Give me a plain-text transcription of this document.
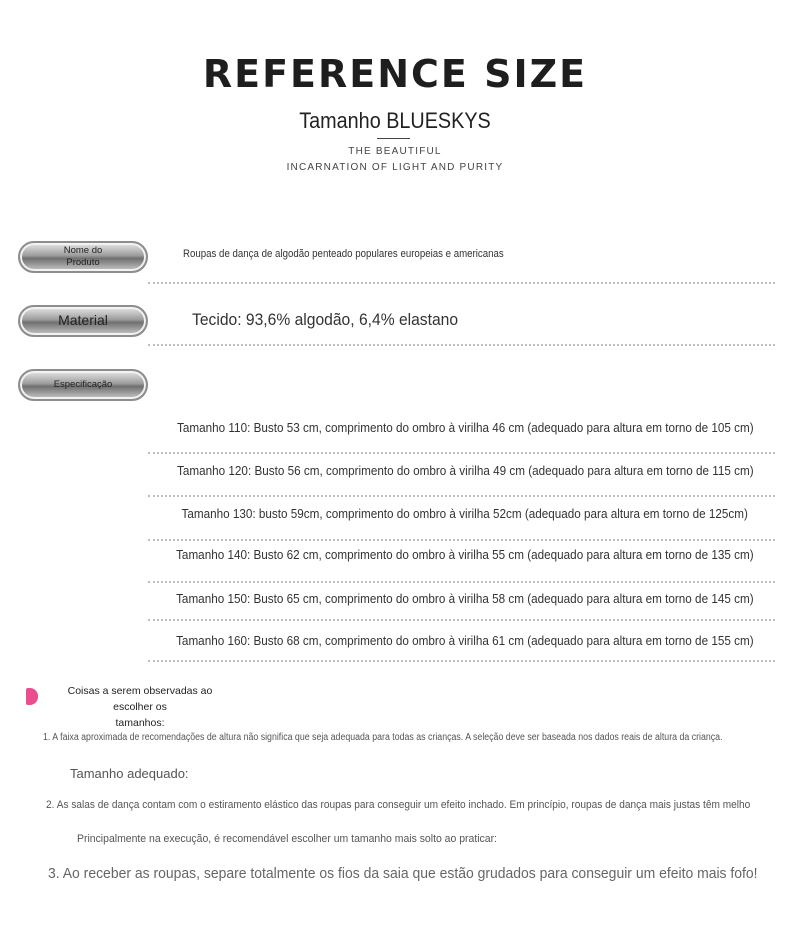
REFERENCE SIZE
Tamanho BLUESKYS
THE BEAUTIFUL
INCARNATION OF LIGHT AND PURITY
Nome do
Produto
Roupas de dança de algodão penteado populares europeias e americanas
Material	Tecido: 93,6% algodão, 6,4% elastano
Especificação
Tamanho 110: Busto 53 cm, comprimento do ombro à virilha 46 cm (adequado para altura em torno de 105 cm)
Tamanho 120: Busto 56 cm, comprimento do ombro à virilha 49 cm (adequado para altura em torno de 115 cm)
Tamanho 130: busto 59cm, comprimento do ombro à virilha 52cm (adequado para altura em torno de 125cm)
Tamanho 140: Busto 62 cm, comprimento do ombro à virilha 55 cm (adequado para altura em torno de 135 cm)
Tamanho 150: Busto 65 cm, comprimento do ombro à virilha 58 cm (adequado para altura em torno de 145 cm)
Tamanho 160: Busto 68 cm, comprimento do ombro à virilha 61 cm (adequado para altura em torno de 155 cm)
Coisas a serem observadas ao escolher os
tamanhos:
1. A faixa aproximada de recomendações de altura não significa que seja adequada para todas as crianças. A seleção deve ser baseada nos dados reais de altura da criança.
Tamanho adequado:
2. As salas de dança contam com o estiramento elástico das roupas para conseguir um efeito inchado. Em princípio, roupas de dança mais justas têm melho
Principalmente na execução, é recomendável escolher um tamanho mais solto ao praticar:
3. Ao receber as roupas, separe totalmente os fios da saia que estão grudados para conseguir um efeito mais fofo!
